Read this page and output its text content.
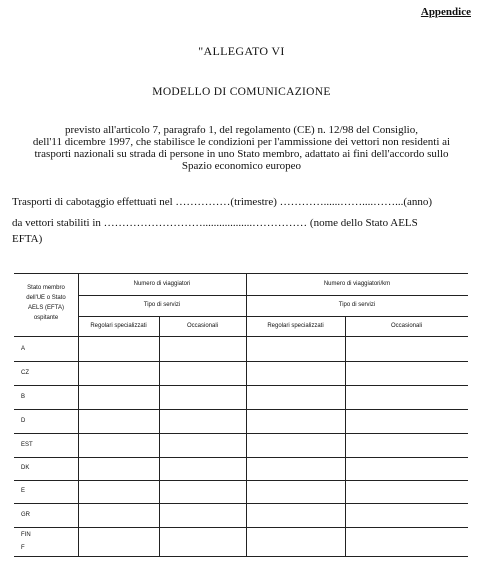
Appendice
"ALLEGATO VI
MODELLO DI COMUNICAZIONE
previsto all'articolo 7, paragrafo 1, del regolamento (CE) n. 12/98 del Consiglio,
dell'11 dicembre 1997, che stabilisce le condizioni per l'ammissione dei vettori non residenti ai
trasporti nazionali su strada di persone in uno Stato membro, adattato ai fini dell'accordo sullo
Spazio economico europeo
Trasporti di cabotaggio effettuati nel ……………(trimestre) …………......……....……...(anno)
da vettori stabiliti in ………………………..................…………… (nome dello Stato AELS
EFTA)
Stato membro
dell'UE o Stato
AELS (EFTA)
ospitante
Numero di viaggiatori	Numero di viaggiatori/km
Tipo di servizi	Tipo di servizi
Regolari specializzati	Occasionali	Regolari specializzati	Occasionali
A
CZ
B
D
EST
DK
E
GR
FIN
F
